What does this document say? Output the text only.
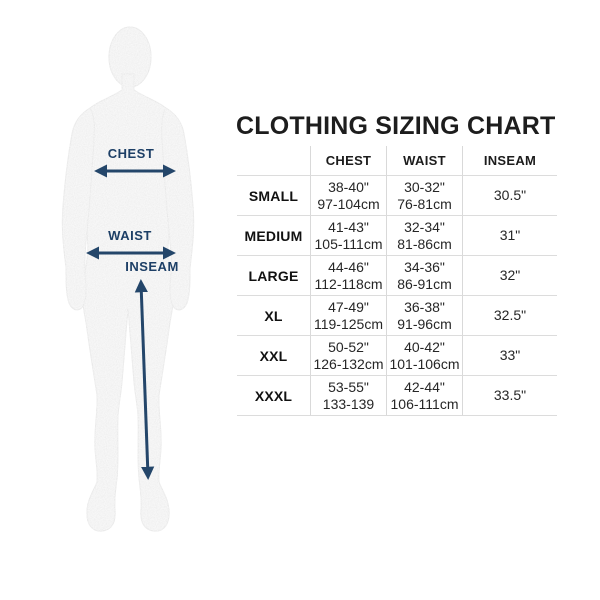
CHEST
WAIST
INSEAM
CLOTHING SIZING CHART
CHEST	WAIST	INSEAM
SMALL
38-40"
97-104cm
30-32"
76-81cm
30.5"
MEDIUM
41-43"
105-111cm
32-34"
81-86cm
31"
LARGE
44-46"
112-118cm
34-36"
86-91cm
32"
XL
47-49"
119-125cm
36-38"
91-96cm
32.5"
XXL
50-52"
126-132cm
40-42"
101-106cm
33"
XXXL
53-55"
133-139
42-44"
106-111cm
33.5"
